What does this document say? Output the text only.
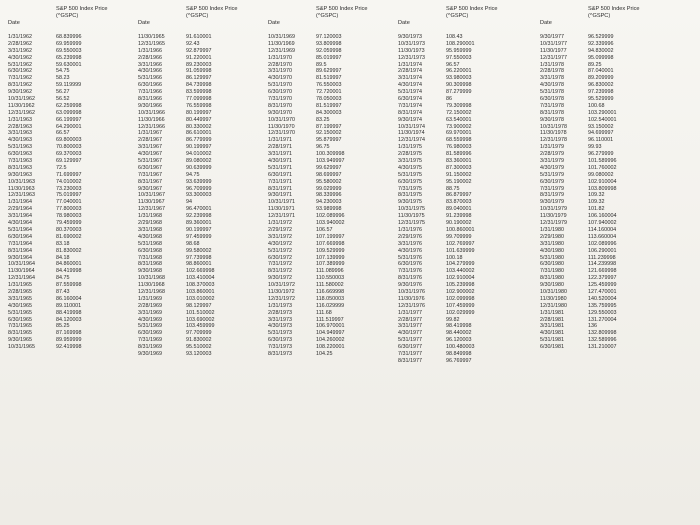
S&P 500 Index Price
(^GSPC)
Date
1/31/1962	68.839996
2/28/1962	69.959999
3/31/1962	69.550003
4/30/1962	65.239998
5/31/1962	59.630001
6/30/1962	54.75
7/31/1962	58.23
8/31/1962	59.119999
9/30/1962	56.27
10/31/1962	56.52
11/30/1962	62.259998
12/31/1962	63.099998
1/31/1963	66.199997
2/28/1963	64.290001
3/31/1963	66.57
4/30/1963	69.800003
5/31/1963	70.800003
6/30/1963	69.370003
7/31/1963	69.129997
8/31/1963	72.5
9/30/1963	71.699997
10/31/1963	74.010002
11/30/1963	73.230003
12/31/1963	75.019997
1/31/1964	77.040001
2/29/1964	77.800003
3/31/1964	78.980003
4/30/1964	79.459999
5/31/1964	80.370003
6/30/1964	81.690002
7/31/1964	83.18
8/31/1964	81.830002
9/30/1964	84.18
10/31/1964	84.860001
11/30/1964	84.419998
12/31/1964	84.75
1/31/1965	87.559998
2/28/1965	87.43
3/31/1965	86.160004
4/30/1965	89.110001
5/31/1965	88.419998
6/30/1965	84.120003
7/31/1965	85.25
8/31/1965	87.169998
9/30/1965	89.959999
10/31/1965	92.419998
S&P 500 Index Price
(^GSPC)
Date
11/30/1965	91.610001
12/31/1965	92.43
1/31/1966	92.879997
2/28/1966	91.220001
3/31/1966	89.230003
4/30/1966	91.059998
5/31/1966	86.129997
6/30/1966	84.739998
7/31/1966	83.599998
8/31/1966	77.099998
9/30/1966	76.559998
10/31/1966	80.199997
11/30/1966	80.449997
12/31/1966	80.330002
1/31/1967	86.610001
2/28/1967	86.779999
3/31/1967	90.199997
4/30/1967	94.010002
5/31/1967	89.080002
6/30/1967	90.639999
7/31/1967	94.75
8/31/1967	93.639999
9/30/1967	96.709999
10/31/1967	93.300003
11/30/1967	94
12/31/1967	96.470001
1/31/1968	92.239998
2/29/1968	89.360001
3/31/1968	90.199997
4/30/1968	97.459999
5/31/1968	98.68
6/30/1968	99.580002
7/31/1968	97.739998
8/31/1968	98.860001
9/30/1968	102.669998
10/31/1968	103.410004
11/30/1968	108.370003
12/31/1968	103.860001
1/31/1969	103.010002
2/28/1969	98.129997
3/31/1969	101.510002
4/30/1969	103.690002
5/31/1969	103.459999
6/30/1969	97.709999
7/31/1969	91.830002
8/31/1969	95.510002
9/30/1969	93.120003
S&P 500 Index Price
(^GSPC)
Date
10/31/1969	97.120003
11/30/1969	93.809998
12/31/1969	92.059998
1/31/1970	85.019997
2/28/1970	89.5
3/31/1970	89.629997
4/30/1970	81.519997
5/31/1970	76.550003
6/30/1970	72.720001
7/31/1970	78.050003
8/31/1970	81.519997
9/30/1970	84.300003
10/31/1970	83.25
11/30/1970	87.199997
12/31/1970	92.150002
1/31/1971	95.879997
2/28/1971	96.75
3/31/1971	100.309998
4/30/1971	103.949997
5/31/1971	99.629997
6/30/1971	98.699997
7/31/1971	95.580002
8/31/1971	99.029999
9/30/1971	98.339996
10/31/1971	94.230003
11/30/1971	93.989998
12/31/1971	102.089996
1/31/1972	103.940002
2/29/1972	106.57
3/31/1972	107.199997
4/30/1972	107.669998
5/31/1972	109.529999
6/30/1972	107.139999
7/31/1972	107.389999
8/31/1972	111.089996
9/30/1972	110.550003
10/31/1972	111.580002
11/30/1972	116.669998
12/31/1972	118.050003
1/31/1973	116.029999
2/28/1973	111.68
3/31/1973	111.519997
4/30/1973	106.970001
5/31/1973	104.949997
6/30/1973	104.260002
7/31/1973	108.220001
8/31/1973	104.25
S&P 500 Index Price
(^GSPC)
Date
9/30/1973	108.43
10/31/1973	108.290001
11/30/1973	95.959999
12/31/1973	97.550003
1/31/1974	96.57
2/28/1974	96.220001
3/31/1974	93.980003
4/30/1974	90.309998
5/31/1974	87.279999
6/30/1974	86
7/31/1974	79.309998
8/31/1974	72.150002
9/30/1974	63.540001
10/31/1974	73.900002
11/30/1974	69.970001
12/31/1974	68.559998
1/31/1975	76.980003
2/28/1975	81.589996
3/31/1975	83.360001
4/30/1975	87.300003
5/31/1975	91.150002
6/30/1975	95.190002
7/31/1975	88.75
8/31/1975	86.879997
9/30/1975	83.870003
10/31/1975	89.040001
11/30/1975	91.239998
12/31/1975	90.190002
1/31/1976	100.860001
2/29/1976	99.709999
3/31/1976	102.769997
4/30/1976	101.639999
5/31/1976	100.18
6/30/1976	104.279999
7/31/1976	103.440002
8/31/1976	102.910004
9/30/1976	105.239998
10/31/1976	102.900002
11/30/1976	102.099998
12/31/1976	107.459999
1/31/1977	102.029999
2/28/1977	99.82
3/31/1977	98.419998
4/30/1977	98.440002
5/31/1977	96.120003
6/30/1977	100.480003
7/31/1977	98.849998
8/31/1977	96.769997
S&P 500 Index Price
(^GSPC)
Date
9/30/1977	96.529999
10/31/1977	92.339996
11/30/1977	94.830002
12/31/1977	95.099998
1/31/1978	89.25
2/28/1978	87.040001
3/31/1978	89.209999
4/30/1978	96.830002
5/31/1978	97.239998
6/30/1978	95.529999
7/31/1978	100.68
8/31/1978	103.290001
9/30/1978	102.540001
10/31/1978	93.150002
11/30/1978	94.699997
12/31/1978	96.110001
1/31/1979	99.93
2/28/1979	96.279999
3/31/1979	101.589996
4/30/1979	101.760002
5/31/1979	99.080002
6/30/1979	102.910004
7/31/1979	103.809998
8/31/1979	109.32
9/30/1979	109.32
10/31/1979	101.82
11/30/1979	106.160004
12/31/1979	107.940002
1/31/1980	114.160004
2/29/1980	113.660004
3/31/1980	102.089996
4/30/1980	106.290001
5/31/1980	111.239998
6/30/1980	114.239998
7/31/1980	121.669998
8/31/1980	122.379997
9/30/1980	125.459999
10/31/1980	127.470001
11/30/1980	140.520004
12/31/1980	135.759995
1/31/1981	129.550003
2/28/1981	131.270004
3/31/1981	136
4/30/1981	132.809998
5/31/1981	132.589996
6/30/1981	131.210007
